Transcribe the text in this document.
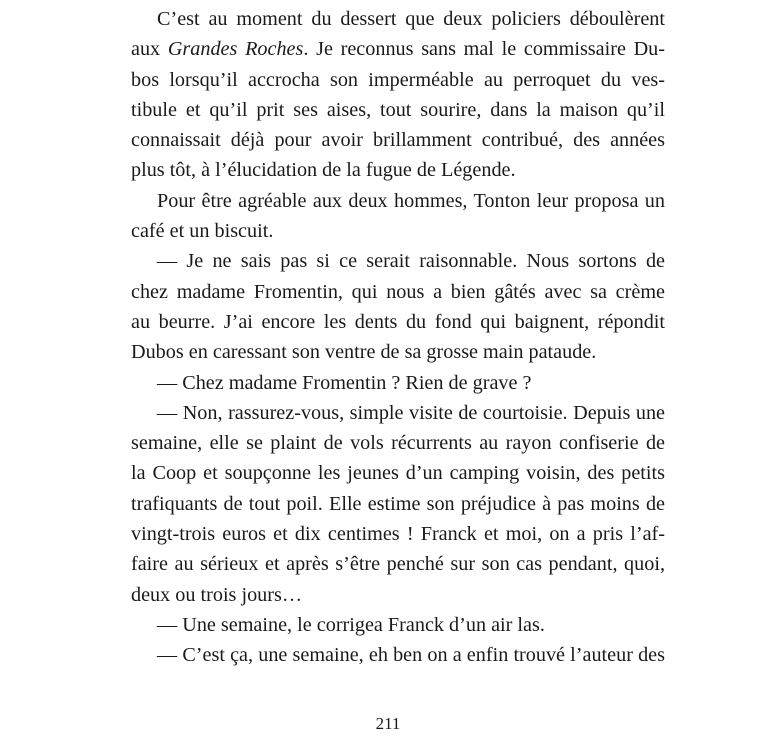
C’est au moment du dessert que deux policiers déboulèrent
aux Grandes Roches. Je reconnus sans mal le commissaire Du-
bos lorsqu’il accrocha son imperméable au perroquet du ves-
tibule et qu’il prit ses aises, tout sourire, dans la maison qu’il
connaissait déjà pour avoir brillamment contribué, des années
plus tôt, à l’élucidation de la fugue de Légende.
Pour être agréable aux deux hommes, Tonton leur proposa un
café et un biscuit.
— Je ne sais pas si ce serait raisonnable. Nous sortons de
chez madame Fromentin, qui nous a bien gâtés avec sa crème
au beurre. J’ai encore les dents du fond qui baignent, répondit
Dubos en caressant son ventre de sa grosse main pataude.
— Chez madame Fromentin ? Rien de grave ?
— Non, rassurez-vous, simple visite de courtoisie. Depuis une
semaine, elle se plaint de vols récurrents au rayon confiserie de
la Coop et soupçonne les jeunes d’un camping voisin, des petits
trafiquants de tout poil. Elle estime son préjudice à pas moins de
vingt-trois euros et dix centimes ! Franck et moi, on a pris l’af-
faire au sérieux et après s’être penché sur son cas pendant, quoi,
deux ou trois jours…
— Une semaine, le corrigea Franck d’un air las.
— C’est ça, une semaine, eh ben on a enfin trouvé l’auteur des
211
